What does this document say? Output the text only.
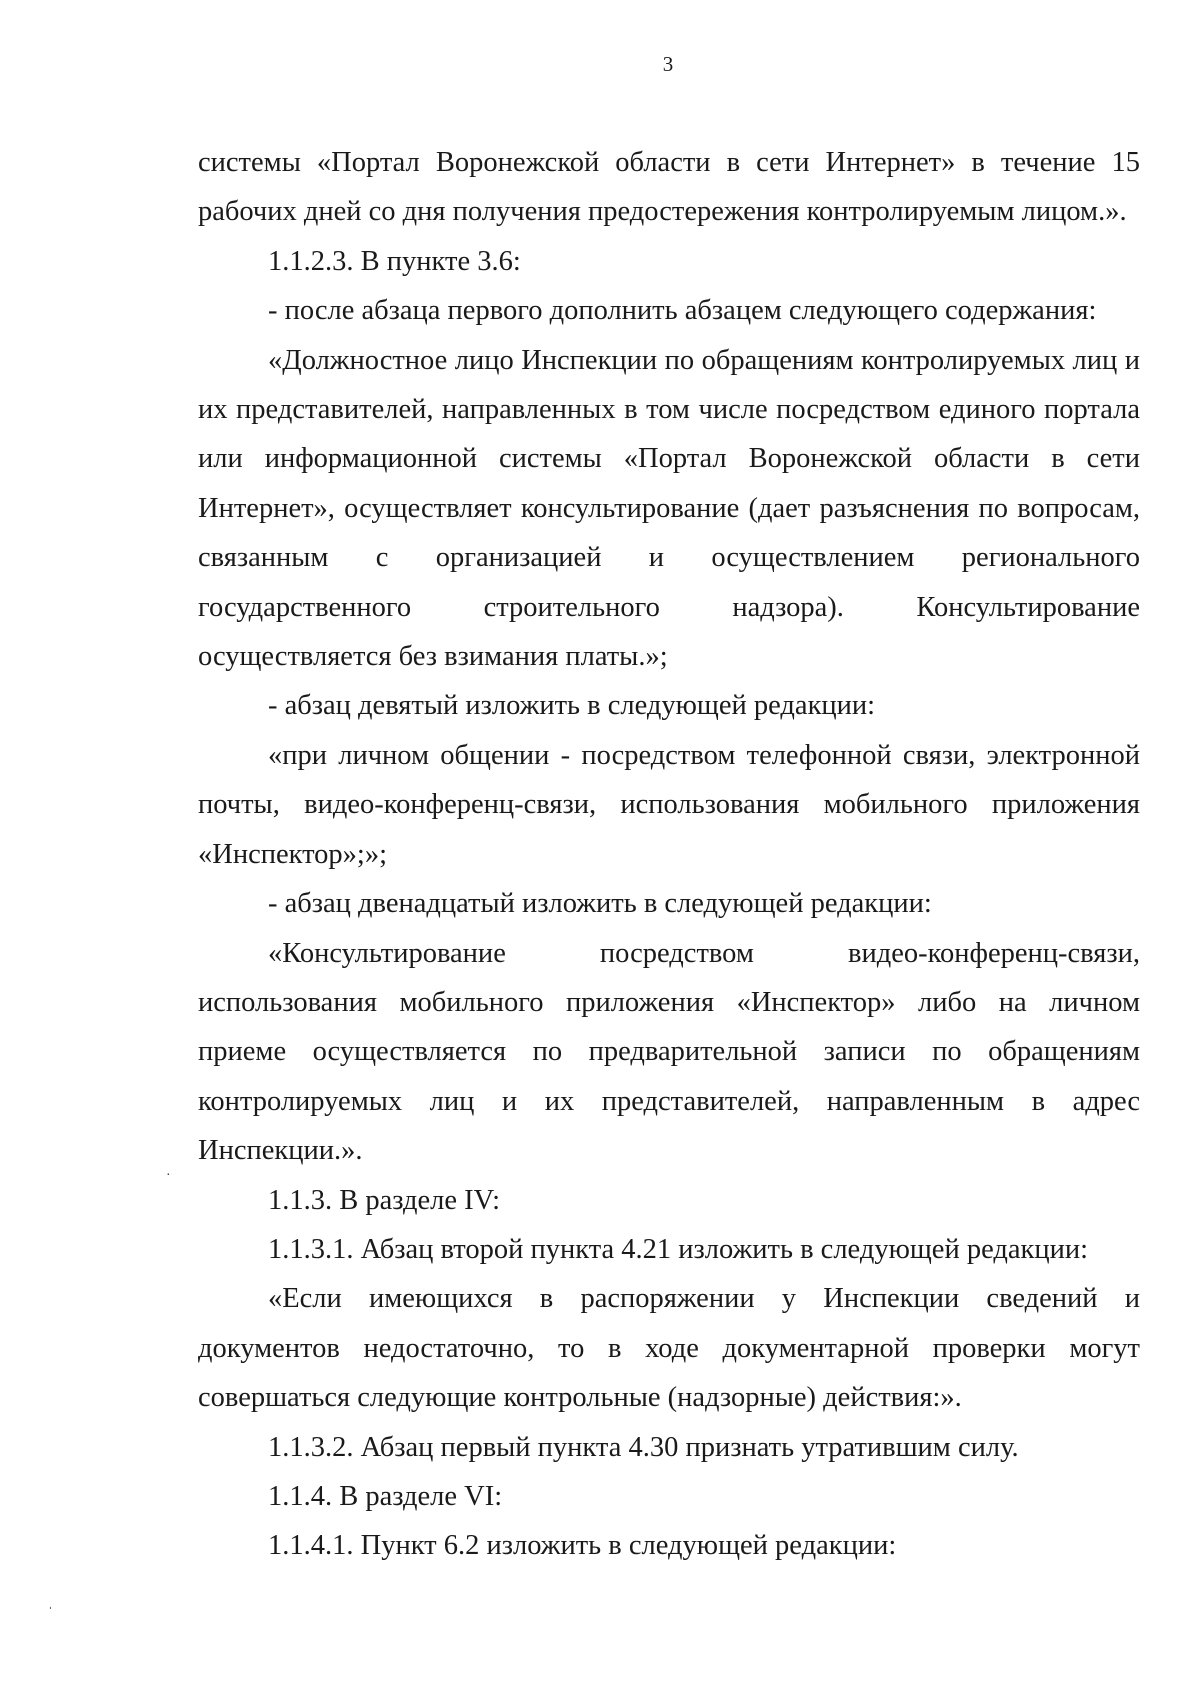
3

системы «Портал Воронежской области в сети Интернет» в течение 15 рабочих дней со дня получения предостережения контролируемым лицом.».

1.1.2.3. В пункте 3.6:

- после абзаца первого дополнить абзацем следующего содержания:

«Должностное лицо Инспекции по обращениям контролируемых лиц и их представителей, направленных в том числе посредством единого портала или информационной системы «Портал Воронежской области в сети Интернет», осуществляет консультирование (дает разъяснения по вопросам, связанным с организацией и осуществлением регионального государственного строительного надзора). Консультирование осуществляется без взимания платы.»;

- абзац девятый изложить в следующей редакции:

«при личном общении - посредством телефонной связи, электронной почты, видео-конференц-связи, использования мобильного приложения «Инспектор»;»;

- абзац двенадцатый изложить в следующей редакции:

«Консультирование посредством видео-конференц-связи, использования мобильного приложения «Инспектор» либо на личном приеме осуществляется по предварительной записи по обращениям контролируемых лиц и их представителей, направленным в адрес Инспекции.».

1.1.3. В разделе IV:

1.1.3.1. Абзац второй пункта 4.21 изложить в следующей редакции:

«Если имеющихся в распоряжении у Инспекции сведений и документов недостаточно, то в ходе документарной проверки могут совершаться следующие контрольные (надзорные) действия:».

1.1.3.2. Абзац первый пункта 4.30 признать утратившим силу.

1.1.4. В разделе VI:

1.1.4.1. Пункт 6.2 изложить в следующей редакции:

·
ˌ
